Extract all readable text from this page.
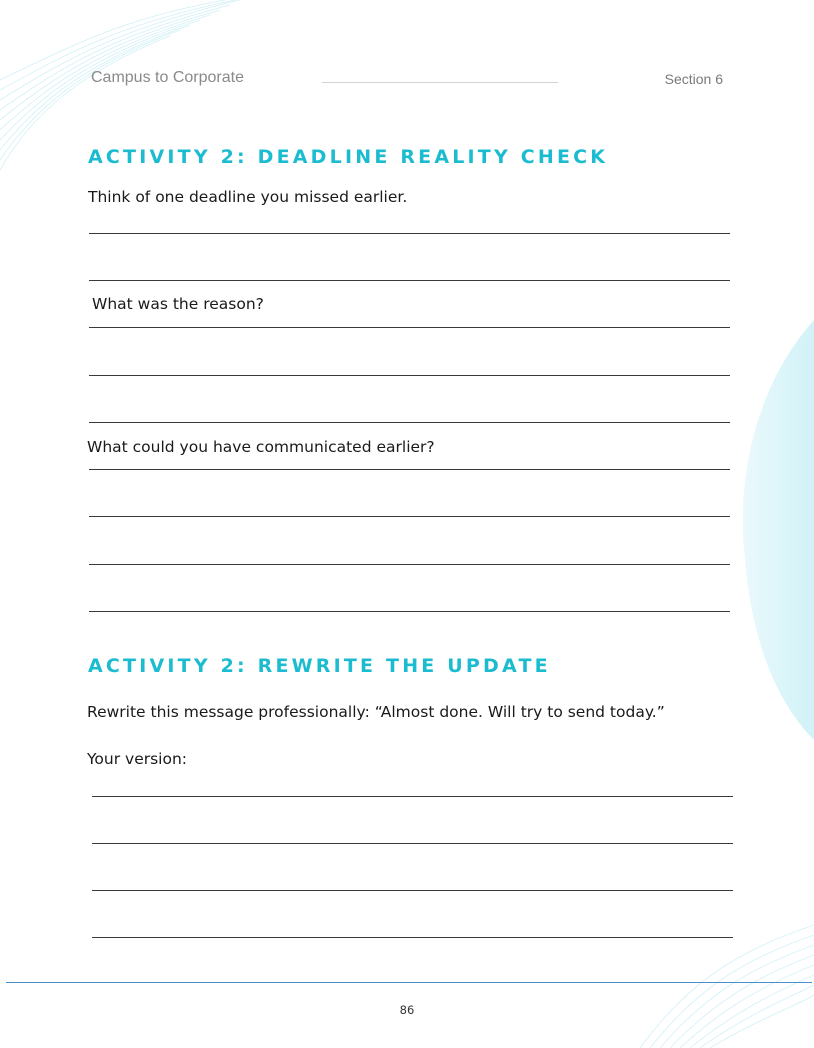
Campus to Corporate	Section 6
ACTIVITY 2: DEADLINE REALITY CHECK
Think of one deadline you missed earlier.
What was the reason?
What could you have communicated earlier?
ACTIVITY 2: REWRITE THE UPDATE
Rewrite this message professionally: “Almost done. Will try to send today.”
Your version:
86
